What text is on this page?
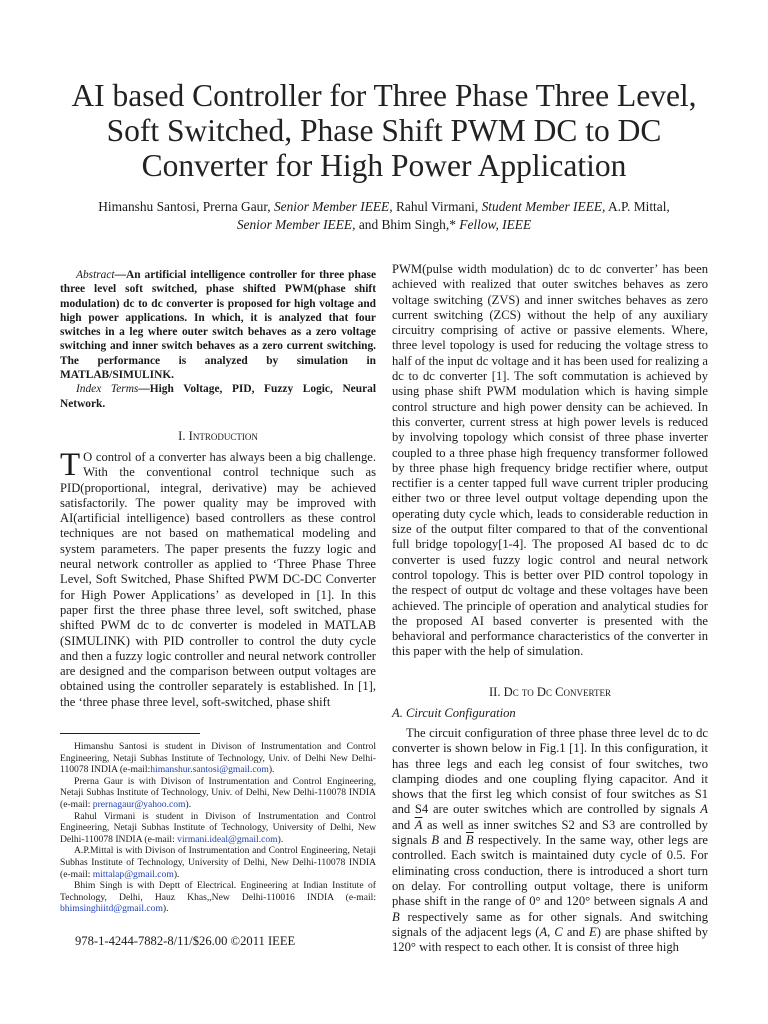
AI based Controller for Three Phase Three Level, Soft Switched, Phase Shift PWM DC to DC Converter for High Power Application
Himanshu Santosi, Prerna Gaur, Senior Member IEEE, Rahul Virmani, Student Member IEEE, A.P. Mittal, Senior Member IEEE, and Bhim Singh,* Fellow, IEEE

Abstract—An artificial intelligence controller for three phase three level soft switched, phase shifted PWM(phase shift modulation) dc to dc converter is proposed for high voltage and high power applications. In which, it is analyzed that four switches in a leg where outer switch behaves as a zero voltage switching and inner switch behaves as a zero current switching. The performance is analyzed by simulation in MATLAB/SIMULINK.

Index Terms—High Voltage, PID, Fuzzy Logic, Neural Network.

I. Introduction
T O control of a converter has always been a big challenge. With the conventional control technique such as PID(proportional, integral, derivative) may be achieved satisfactorily. The power quality may be improved with AI(artificial intelligence) based controllers as these control techniques are not based on mathematical modeling and system parameters. The paper presents the fuzzy logic and neural network controller as applied to ‘Three Phase Three Level, Soft Switched, Phase Shifted PWM DC-DC Converter for High Power Applications’ as developed in [1]. In this paper first the three phase three level, soft switched, phase shifted PWM dc to dc converter is modeled in MATLAB (SIMULINK) with PID controller to control the duty cycle and then a fuzzy logic controller and neural network controller are designed and the comparison between output voltages are obtained using the controller separately is established. In [1], the ‘three phase three level, soft-switched, phase shift

Himanshu Santosi is student in Divison of Instrumentation and Control Engineering, Netaji Subhas Institute of Technology, Univ. of Delhi New Delhi-110078 INDIA (e-mail:himanshur.santosi@gmail.com).

Prerna Gaur is with Divison of Instrumentation and Control Engineering, Netaji Subhas Institute of Technology, Univ. of Delhi, New Delhi-110078 INDIA (e-mail: prernagaur@yahoo.com).

Rahul Virmani is student in Divison of Instrumentation and Control Engineering, Netaji Subhas Institute of Technology, University of Delhi, New Delhi-110078 INDIA (e-mail: virmani.ideal@gmail.com).

A.P.Mittal is with Divison of Instrumentation and Control Engineering, Netaji Subhas Institute of Technology, University of Delhi, New Delhi-110078 INDIA (e-mail: mittalap@gmail.com).

Bhim Singh is with Deptt of Electrical. Engineering at Indian Institute of Technology, Delhi, Hauz Khas,,New Delhi-110016 INDIA (e-mail: bhimsinghiitd@gmail.com).

978-1-4244-7882-8/11/$26.00 ©2011 IEEE
PWM(pulse width modulation) dc to dc converter’ has been achieved with realized that outer switches behaves as zero voltage switching (ZVS) and inner switches behaves as zero current switching (ZCS) without the help of any auxiliary circuitry comprising of active or passive elements. Where, three level topology is used for reducing the voltage stress to half of the input dc voltage and it has been used for realizing a dc to dc converter [1]. The soft commutation is achieved by using phase shift PWM modulation which is having simple control structure and high power density can be achieved. In this converter, current stress at high power levels is reduced by involving topology which consist of three phase inverter coupled to a three phase high frequency transformer followed by three phase high frequency bridge rectifier where, output rectifier is a center tapped full wave current tripler producing either two or three level output voltage depending upon the operating duty cycle which, leads to considerable reduction in size of the output filter compared to that of the conventional full bridge topology[1-4]. The proposed AI based dc to dc converter is used fuzzy logic control and neural network control topology. This is better over PID control topology in the respect of output dc voltage and these voltages have been achieved. The principle of operation and analytical studies for the proposed AI based converter is presented with the behavioral and performance characteristics of the converter in this paper with the help of simulation.
II. Dc to Dc Converter
A. Circuit Configuration

The circuit configuration of three phase three level dc to dc converter is shown below in Fig.1 [1]. In this configuration, it has three legs and each leg consist of four switches, two clamping diodes and one coupling flying capacitor. And it shows that the first leg which consist of four switches as S1 and S4 are outer switches which are controlled by signals A and $\overline{A}$ as well as inner switches S2 and S3 are controlled by signals B and $\overline{B}$ respectively. In the same way, other legs are controlled. Each switch is maintained duty cycle of 0.5. For eliminating cross conduction, there is introduced a short turn on delay. For controlling output voltage, there is uniform phase shift in the range of 0° and 120° between signals A and B respectively same as for other signals. And switching signals of the adjacent legs (A, C and E) are phase shifted by 120° with respect to each other. It is consist of three high
